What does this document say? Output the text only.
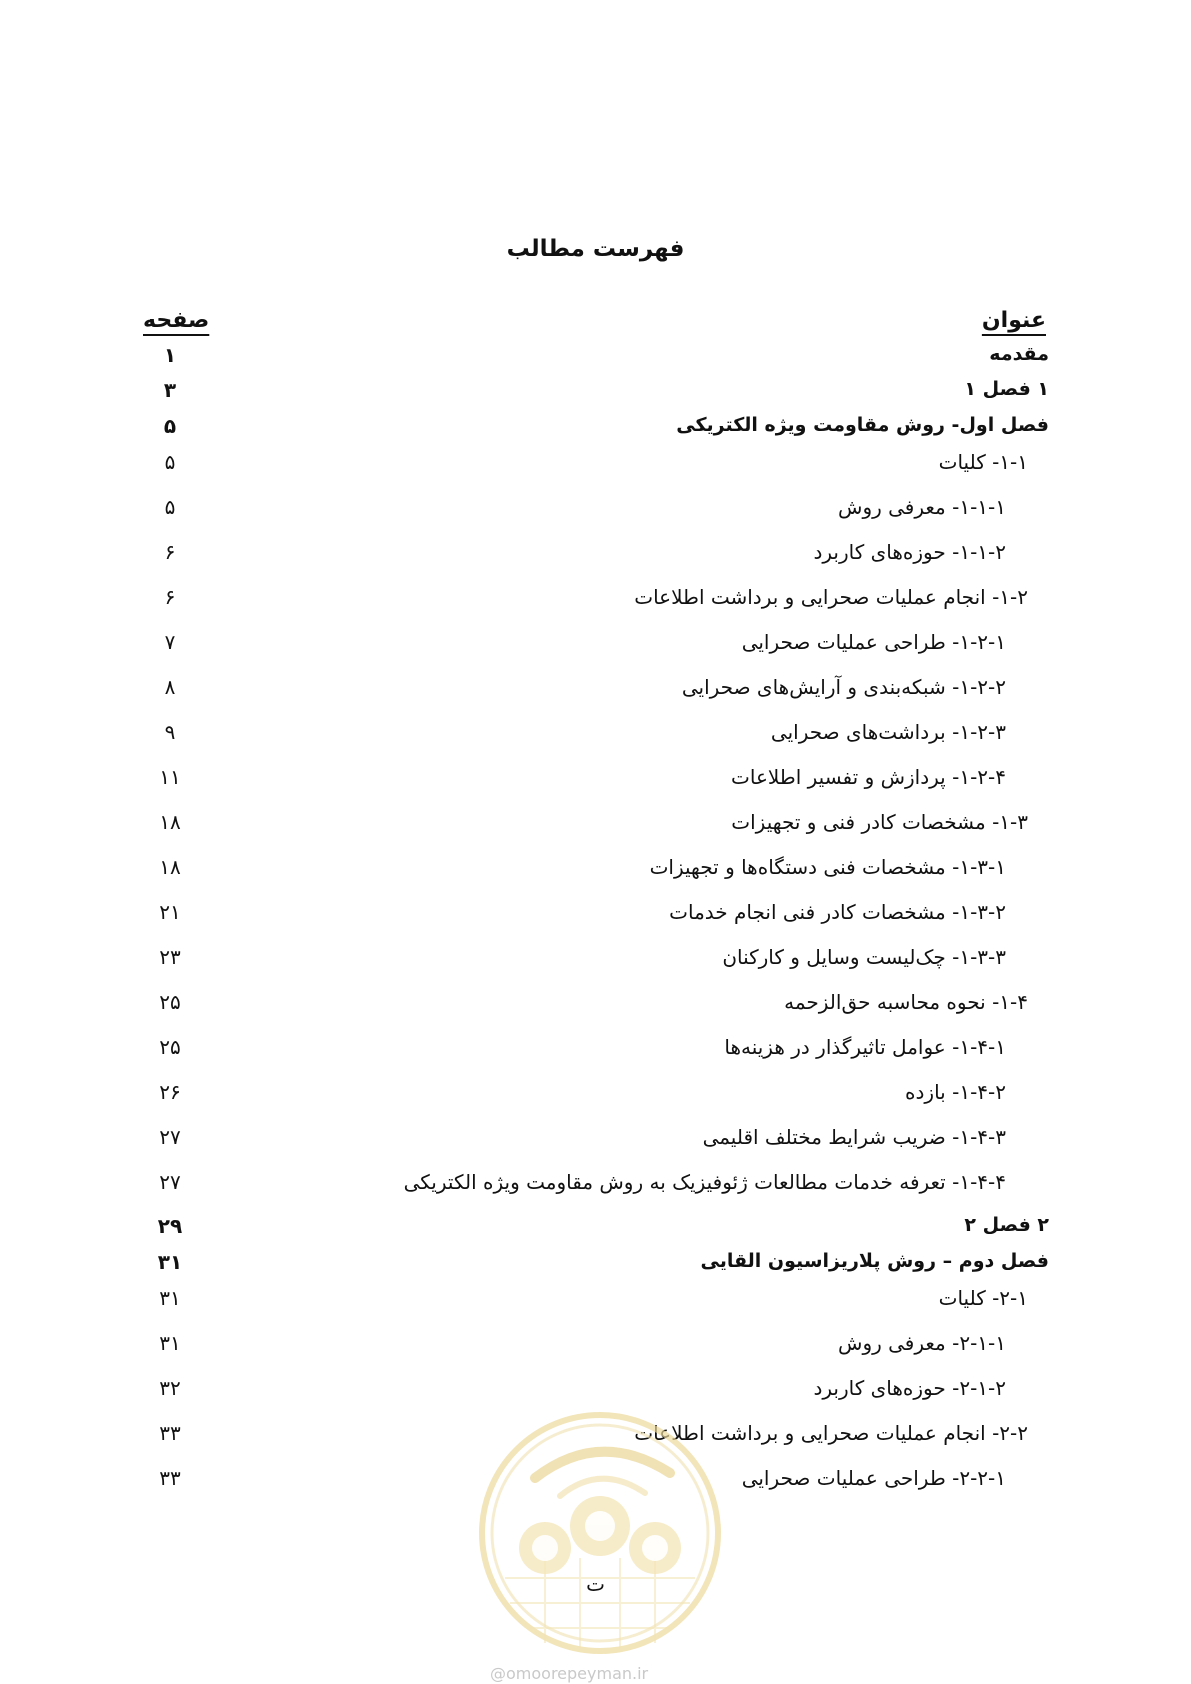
فهرست مطالب
عنوان
صفحه
مقدمه
۱
۱ فصل ۱
۳
فصل اول- روش مقاومت ویژه الکتریکی
۵
۱-۱- کلیات
۵
۱-۱-۱- معرفی روش
۵
۱-۱-۲- حوزه‌های کاربرد
۶
۱-۲- انجام عملیات صحرایی و برداشت اطلاعات
۶
۱-۲-۱- طراحی عملیات صحرایی
۷
۱-۲-۲- شبکه‌بندی و آرایش‌های صحرایی
۸
۱-۲-۳- برداشت‌های صحرایی
۹
۱-۲-۴- پردازش و تفسیر اطلاعات
۱۱
۱-۳- مشخصات کادر فنی و تجهیزات
۱۸
۱-۳-۱- مشخصات فنی دستگاه‌ها و تجهیزات
۱۸
۱-۳-۲- مشخصات کادر فنی انجام خدمات
۲۱
۱-۳-۳- چک‌لیست وسایل و کارکنان
۲۳
۱-۴- نحوه محاسبه حق‌الزحمه
۲۵
۱-۴-۱- عوامل تاثیرگذار در هزینه‌ها
۲۵
۱-۴-۲- بازده
۲۶
۱-۴-۳- ضریب شرایط مختلف اقلیمی
۲۷
۱-۴-۴- تعرفه خدمات مطالعات ژئوفیزیک به روش مقاومت ویژه الکتریکی
۲۷
۲ فصل ۲
۲۹
فصل دوم – روش پلاریزاسیون القایی
۳۱
۲-۱- کلیات
۳۱
۲-۱-۱- معرفی روش
۳۱
۲-۱-۲- حوزه‌های کاربرد
۳۲
۲-۲- انجام عملیات صحرایی و برداشت اطلاعات
۳۳
۲-۲-۱- طراحی عملیات صحرایی
۳۳
@omoorepeyman.ir
ت
